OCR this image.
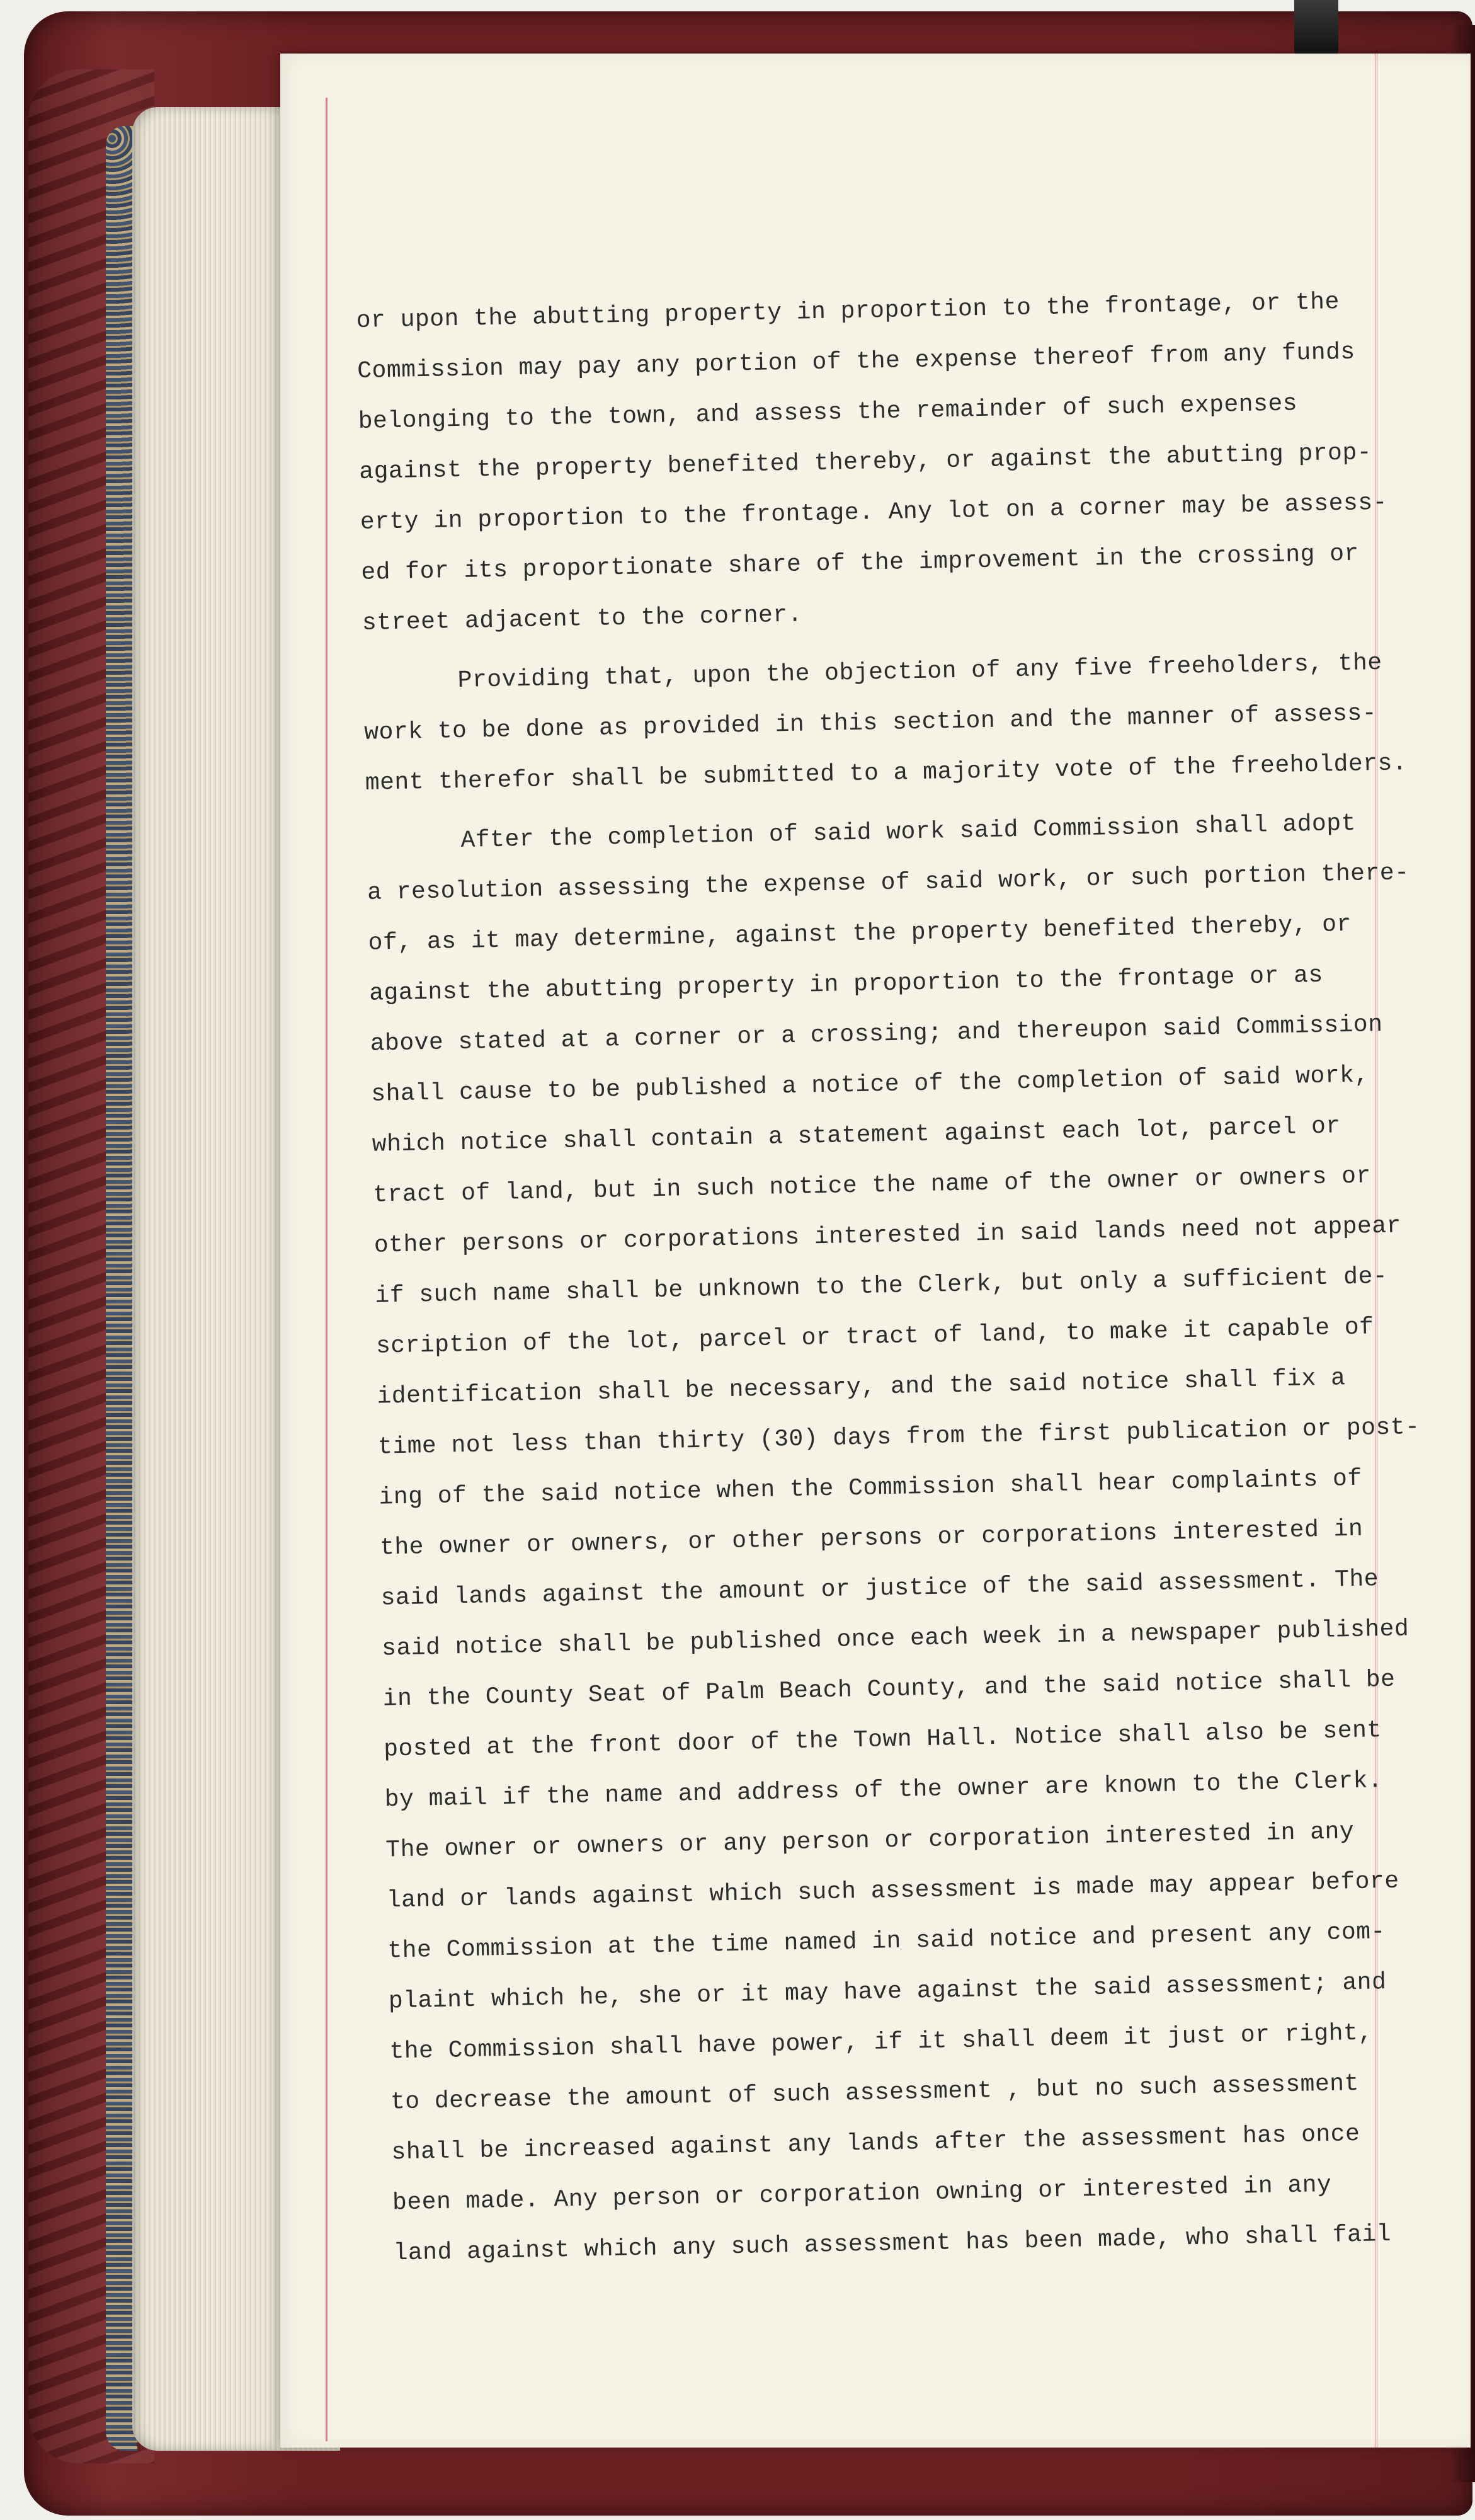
or upon the abutting property in proportion to the frontage, or the
Commission may pay any portion of the expense thereof from any funds
belonging to the town, and assess the remainder of such expenses
against the property benefited thereby, or against the abutting prop-
erty in proportion to the frontage. Any lot on a corner may be assess-
ed for its proportionate share of the improvement in the crossing or
street adjacent to the corner.
Providing that, upon the objection of any five freeholders, the
work to be done as provided in this section and the manner of assess-
ment therefor shall be submitted to a majority vote of the freeholders.
After the completion of said work said Commission shall adopt
a resolution assessing the expense of said work, or such portion there-
of, as it may determine, against the property benefited thereby, or
against the abutting property in proportion to the frontage or as
above stated at a corner or a crossing; and thereupon said Commission
shall cause to be published a notice of the completion of said work,
which notice shall contain a statement against each lot, parcel or
tract of land, but in such notice the name of the owner or owners or
other persons or corporations interested in said lands need not appear
if such name shall be unknown to the Clerk, but only a sufficient de-
scription of the lot, parcel or tract of land, to make it capable of
identification shall be necessary, and the said notice shall fix a
time not less than thirty (30) days from the first publication or post-
ing of the said notice when the Commission shall hear complaints of
the owner or owners, or other persons or corporations interested in
said lands against the amount or justice of the said assessment. The
said notice shall be published once each week in a newspaper published
in the County Seat of Palm Beach County, and the said notice shall be
posted at the front door of the Town Hall. Notice shall also be sent
by mail if the name and address of the owner are known to the Clerk.
The owner or owners or any person or corporation interested in any
land or lands against which such assessment is made may appear before
the Commission at the time named in said notice and present any com-
plaint which he, she or it may have against the said assessment; and
the Commission shall have power, if it shall deem it just or right,
to decrease the amount of such assessment , but no such assessment
shall be increased against any lands after the assessment has once
been made. Any person or corporation owning or interested in any
land against which any such assessment has been made, who shall fail
